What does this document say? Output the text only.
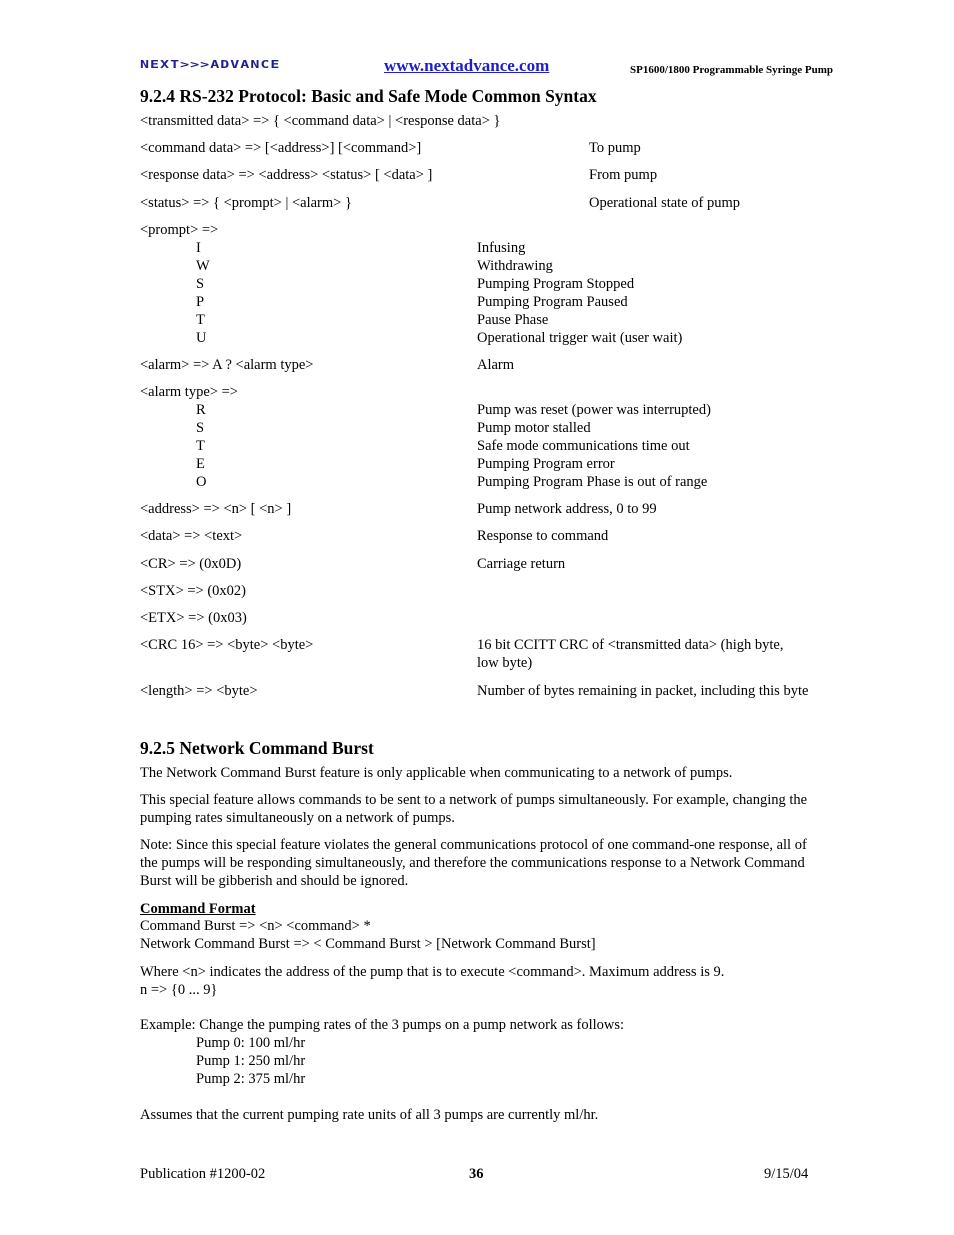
NEXT>>>ADVANCE	www.nextadvance.com	SP1600/1800 Programmable Syringe Pump
9.2.4 RS-232 Protocol: Basic and Safe Mode Common Syntax
<transmitted data> => { <command data> | <response data> }
<command data> => [<address>] [<command>]	To pump
<response data> => <address> <status> [ <data> ]	From pump
<status> => { <prompt> | <alarm> }	Operational state of pump
<prompt> =>
I	Infusing
W	Withdrawing
S	Pumping Program Stopped
P	Pumping Program Paused
T	Pause Phase
U	Operational trigger wait (user wait)
<alarm> => A ? <alarm type>	Alarm
<alarm type> =>
R	Pump was reset (power was interrupted)
S	Pump motor stalled
T	Safe mode communications time out
E	Pumping Program error
O	Pumping Program Phase is out of range
<address> => <n> [ <n> ]	Pump network address, 0 to 99
<data> => <text>	Response to command
<CR> => (0x0D)	Carriage return
<STX> => (0x02)
<ETX> => (0x03)
<CRC 16> => <byte> <byte>	16 bit CCITT CRC of <transmitted data> (high byte, low byte)
<length> => <byte>	Number of bytes remaining in packet, including this byte
9.2.5 Network Command Burst
The Network Command Burst feature is only applicable when communicating to a network of pumps.
This special feature allows commands to be sent to a network of pumps simultaneously. For example, changing the pumping rates simultaneously on a network of pumps.
Note: Since this special feature violates the general communications protocol of one command-one response, all of the pumps will be responding simultaneously, and therefore the communications response to a Network Command Burst will be gibberish and should be ignored.
Command Format
Command Burst => <n> <command> *
Network Command Burst => < Command Burst > [Network Command Burst]
Where <n> indicates the address of the pump that is to execute <command>. Maximum address is 9.
n => {0 ... 9}
Example: Change the pumping rates of the 3 pumps on a pump network as follows:
Pump 0: 100 ml/hr
Pump 1: 250 ml/hr
Pump 2: 375 ml/hr
Assumes that the current pumping rate units of all 3 pumps are currently ml/hr.
Publication #1200-02	36	9/15/04
